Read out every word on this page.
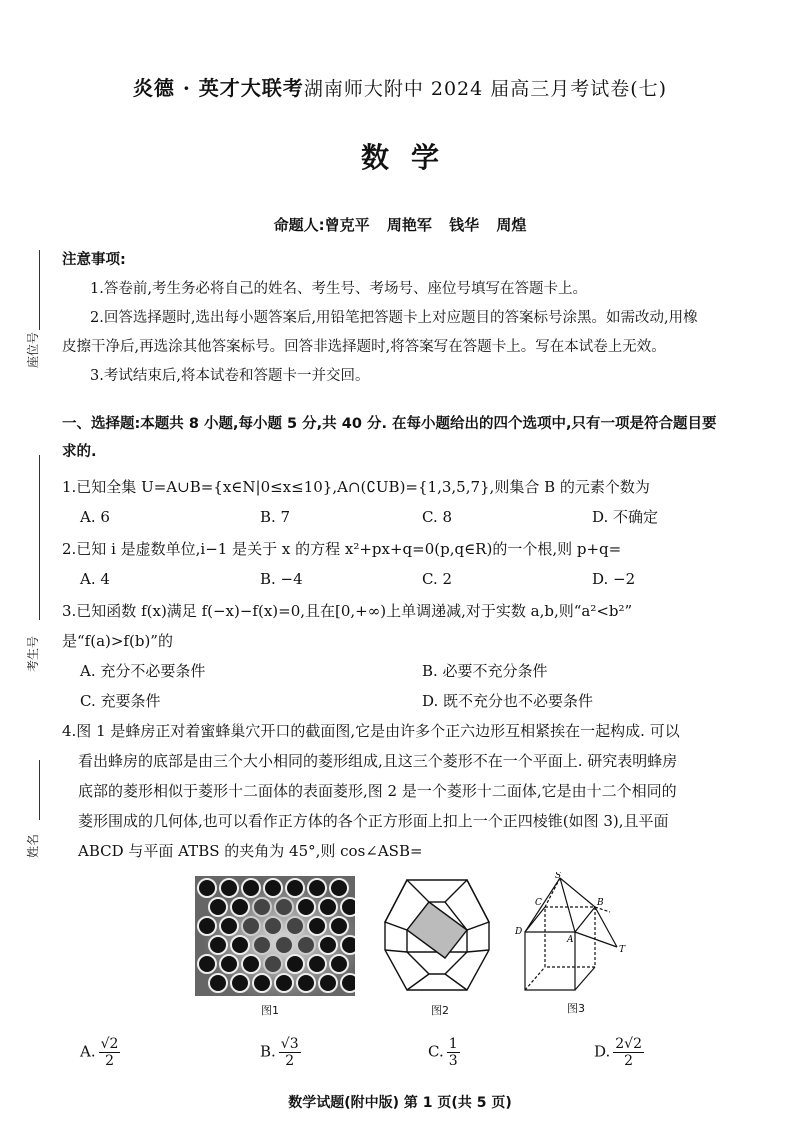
炎德 · 英才大联考湖南师大附中 2024 届高三月考试卷(七)
数学
命题人:曾克平 周艳军 钱华 周煌
座位号
考生号
姓名
注意事项:

1.答卷前,考生务必将自己的姓名、考生号、考场号、座位号填写在答题卡上。

2.回答选择题时,选出每小题答案后,用铅笔把答题卡上对应题目的答案标号涂黑。如需改动,用橡

皮擦干净后,再选涂其他答案标号。回答非选择题时,将答案写在答题卡上。写在本试卷上无效。

3.考试结束后,将本试卷和答题卡一并交回。

一、选择题:本题共 8 小题,每小题 5 分,共 40 分. 在每小题给出的四个选项中,只有一项是符合题目要
求的.

1.已知全集 U=A∪B={x∈N|0≤x≤10},A∩(∁UB)={1,3,5,7},则集合 B 的元素个数为

A. 6	B. 7	C. 8	D. 不确定

2.已知 i 是虚数单位,i−1 是关于 x 的方程 x²+px+q=0(p,q∈R)的一个根,则 p+q=

A. 4	B. −4	C. 2	D. −2

3.已知函数 f(x)满足 f(−x)−f(x)=0,且在[0,+∞)上单调递减,对于实数 a,b,则“a²<b²”

是“f(a)>f(b)”的

A. 充分不必要条件	B. 必要不充分条件
C. 充要条件	D. 既不充分也不必要条件

4.图 1 是蜂房正对着蜜蜂巢穴开口的截面图,它是由许多个正六边形互相紧挨在一起构成. 可以

看出蜂房的底部是由三个大小相同的菱形组成,且这三个菱形不在一个平面上. 研究表明蜂房

底部的菱形相似于菱形十二面体的表面菱形,图 2 是一个菱形十二面体,它是由十二个相同的

菱形围成的几何体,也可以看作正方体的各个正方形面上扣上一个正四棱锥(如图 3),且平面

ABCD 与平面 ATBS 的夹角为 45°,则 cos∠ASB=

图1	图2
S
C	B
D
A
T
图3
A. $\frac{√2}{2}$	B. $\frac{√3}{2}$	C. $\frac{1}{3}$	D. $\frac{2√2}{2}$
数学试题(附中版) 第 1 页(共 5 页)
